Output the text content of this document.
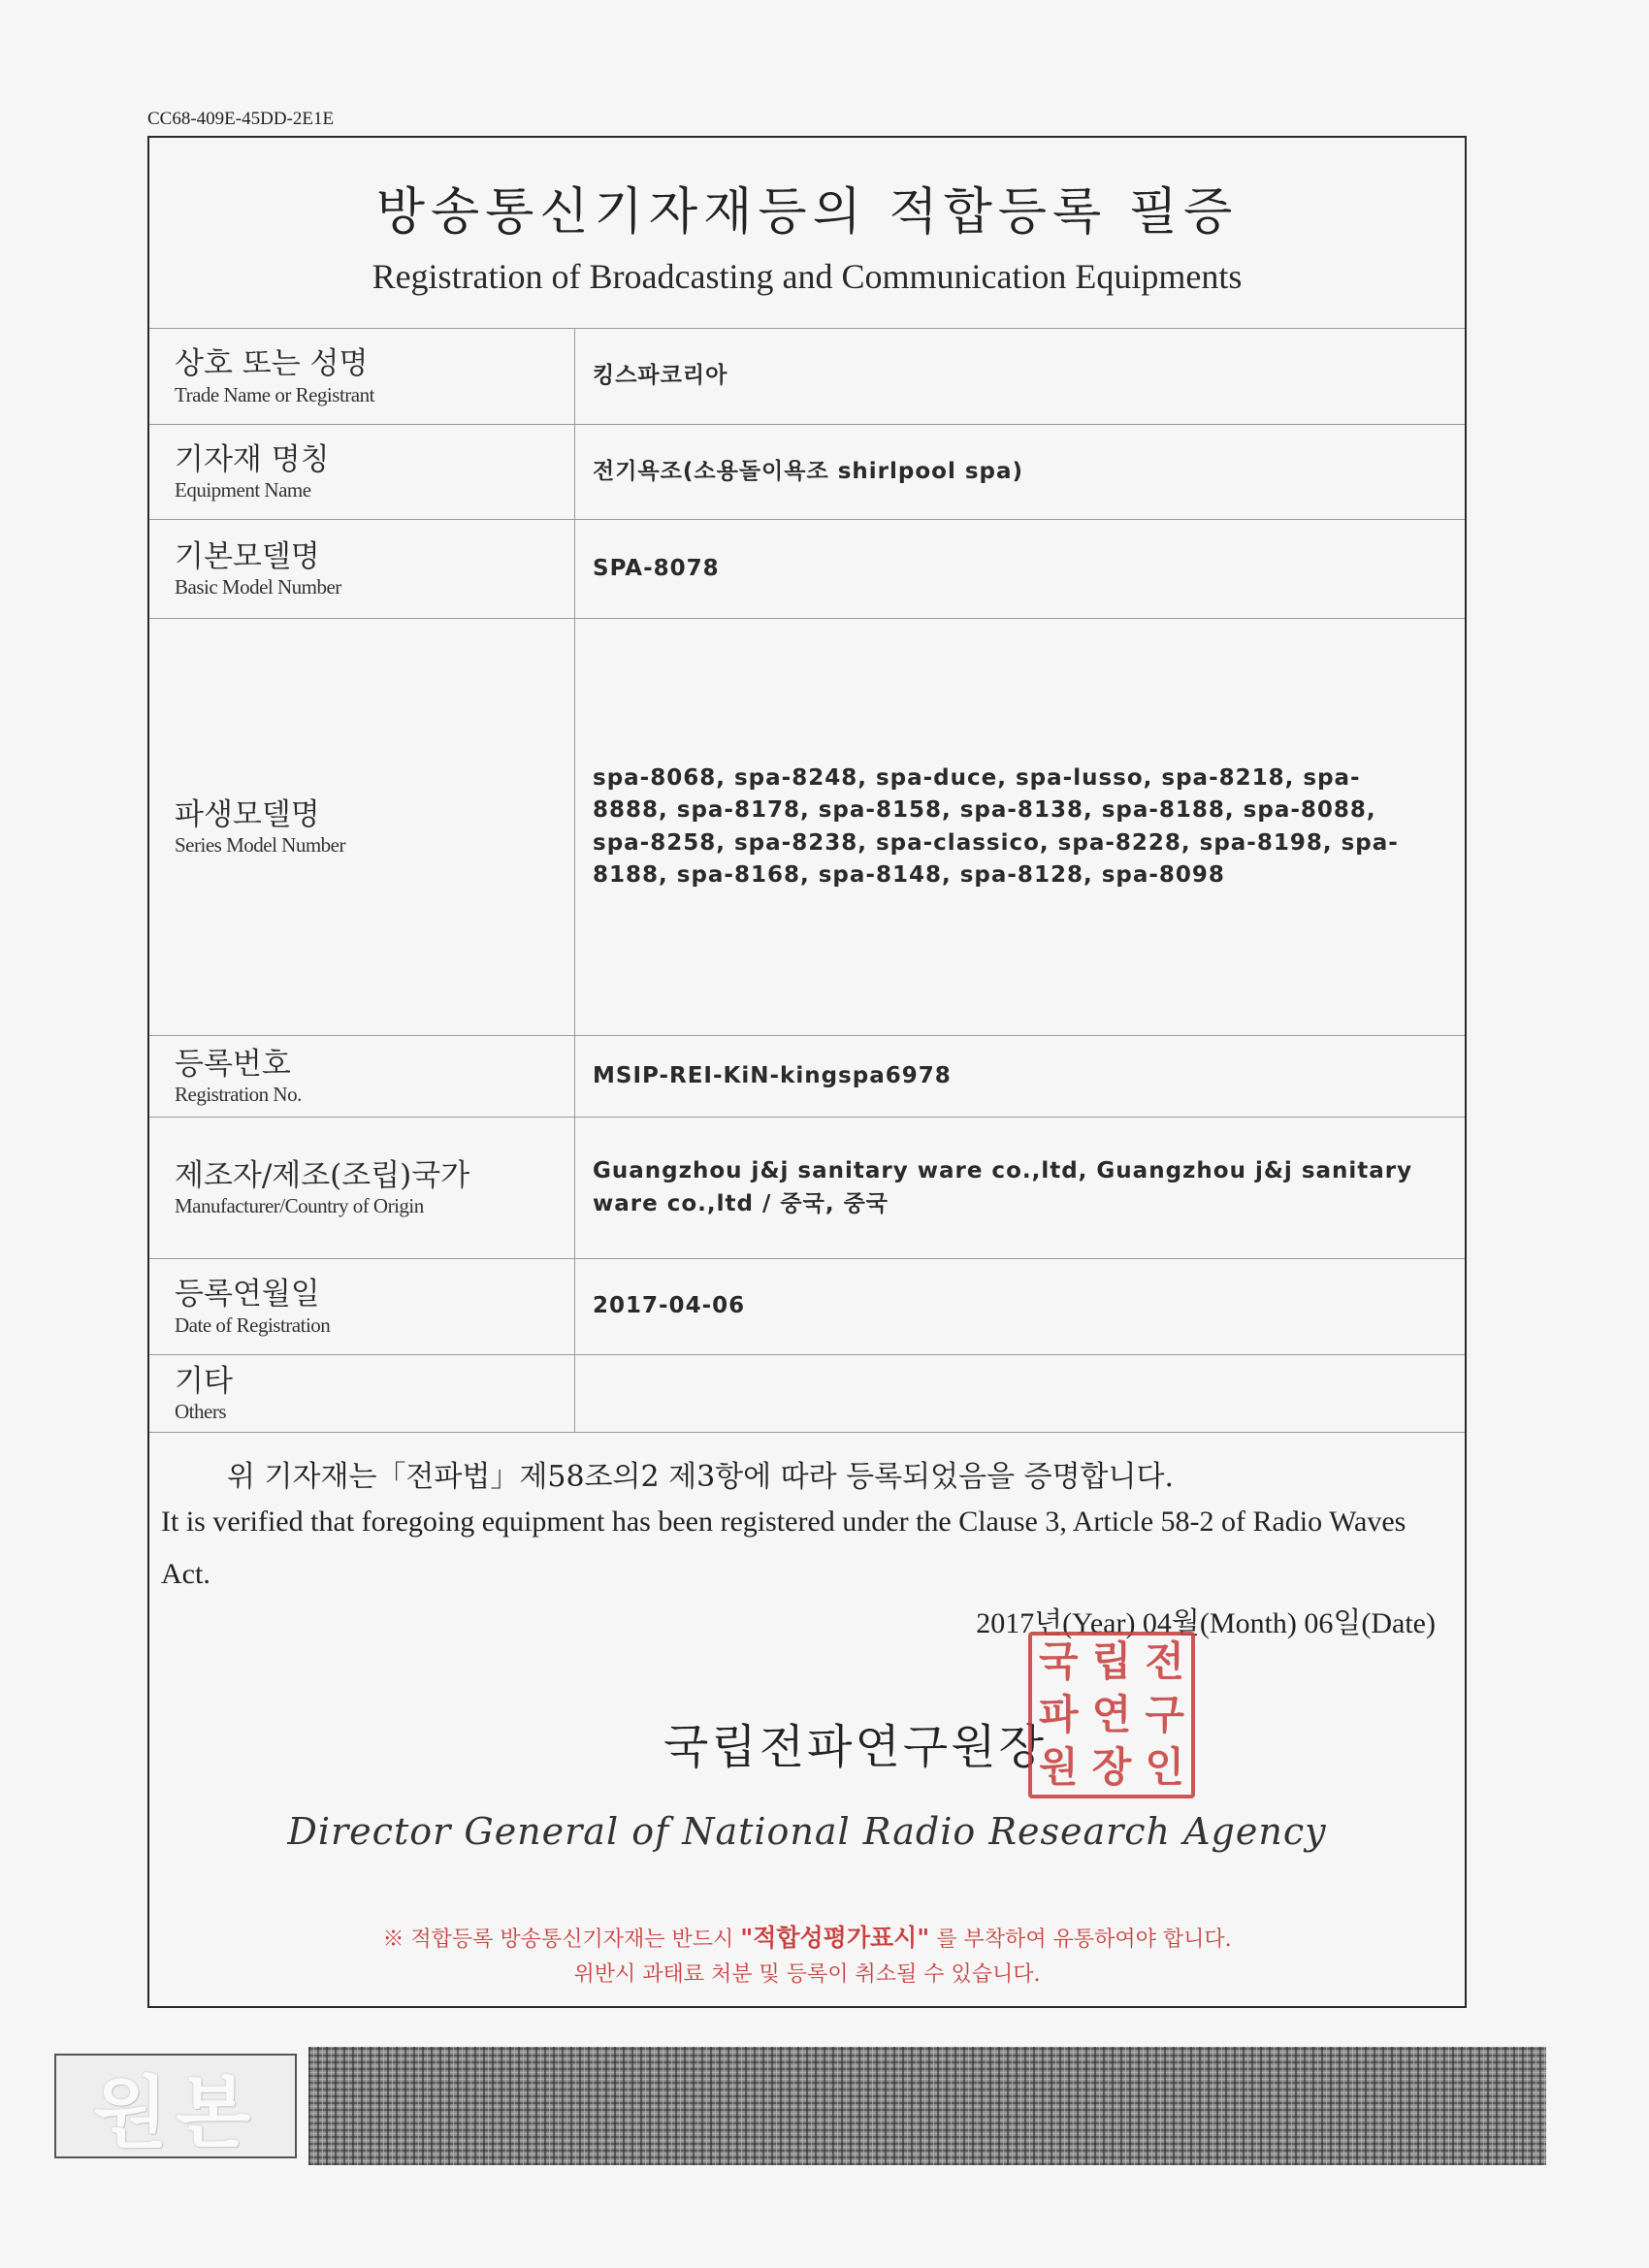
CC68-409E-45DD-2E1E
방송통신기자재등의 적합등록 필증
Registration of Broadcasting and Communication Equipments
상호 또는 성명
Trade Name or Registrant	킹스파코리아

기자재 명칭
Equipment Name	전기욕조(소용돌이욕조 shirlpool spa)

기본모델명
Basic Model Number	SPA-8078

파생모델명
Series Model Number	spa-8068, spa-8248, spa-duce, spa-lusso, spa-8218, spa-8888, spa-8178, spa-8158, spa-8138, spa-8188, spa-8088, spa-8258, spa-8238, spa-classico, spa-8228, spa-8198, spa-8188, spa-8168, spa-8148, spa-8128, spa-8098

등록번호
Registration No.	MSIP-REI-KiN-kingspa6978

제조자/제조(조립)국가
Manufacturer/Country of Origin	Guangzhou j&j sanitary ware co.,ltd, Guangzhou j&j sanitary ware co.,ltd / 중국, 중국

등록연월일
Date of Registration	2017-04-06

기타
Others	

위 기자재는「전파법」제58조의2 제3항에 따라 등록되었음을 증명합니다.
It is verified that foregoing equipment has been registered under the Clause 3, Article 58-2 of Radio Waves Act.
2017년(Year) 04월(Month) 06일(Date)
국립전파연구원장
국 립 전
파 연 구
원 장 인
Director General of National Radio Research Agency
※ 적합등록 방송통신기자재는 반드시 "적합성평가표시" 를 부착하여 유통하여야 합니다.
위반시 과태료 처분 및 등록이 취소될 수 있습니다.
원본
